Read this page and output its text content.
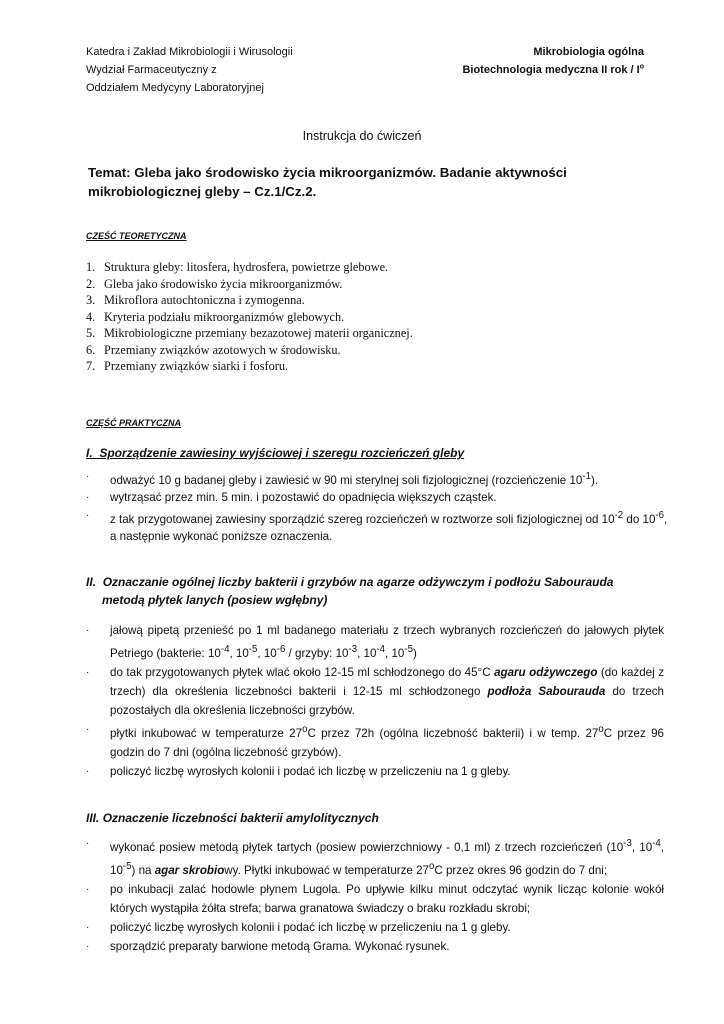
Katedra i Zakład Mikrobiologii i Wirusologii
Wydział Farmaceutyczny z
Oddziałem Medycyny Laboratoryjnej
Mikrobiologia ogólna
Biotechnologia medyczna II rok / $I^o$
Instrukcja do ćwiczeń
Temat: Gleba jako środowisko życia mikroorganizmów. Badanie aktywności mikrobiologicznej gleby – Cz.1/Cz.2.
CZEŚĆ TEORETYCZNA
1. Struktura gleby: litosfera, hydrosfera, powietrze glebowe.
2. Gleba jako środowisko życia mikroorganizmów.
3. Mikroflora autochtoniczna i zymogenna.
4. Kryteria podziału mikroorganizmów glebowych.
5. Mikrobiologiczne przemiany bezazotowej materii organicznej.
6. Przemiany związków azotowych w środowisku.
7. Przemiany związków siarki i fosforu.
CZĘŚĆ PRAKTYCZNA
I. Sporządzenie zawiesiny wyjściowej i szeregu rozcieńczeń gleby
· odważyć 10 g badanej gleby i zawiesić w 90 mi sterylnej soli fizjologicznej (rozcieńczenie $10^{-1}$).
· wytrząsać przez min. 5 min. i pozostawić do opadnięcia większych cząstek.
· z tak przygotowanej zawiesiny sporządzić szereg rozcieńczeń w roztworze soli fizjologicznej od $10^{-2}$ do $10^{-6}$, a następnie wykonać poniższe oznaczenia.
II. Oznaczanie ogólnej liczby bakterii i grzybów na agarze odżywczym i podłożu Sabourauda
metodą płytek lanych (posiew wgłębny)
· jałową pipetą przenieść po 1 ml badanego materiału z trzech wybranych rozcieńczeń do jałowych płytek Petriego (bakterie: $10^{-4}$, $10^{-5}$, $10^{-6}$ / grzyby: $10^{-3}$, $10^{-4}$, $10^{-5}$)
· do tak przygotowanych płytek wlać około 12-15 ml schłodzonego do 45°C agaru odżywczego (do każdej z trzech) dla określenia liczebności bakterii i 12-15 ml schłodzonego podłoża Sabourauda do trzech pozostałych dla określenia liczebności grzybów.
· płytki inkubować w temperaturze 27$^o$C przez 72h (ogólna liczebność bakterii) i w temp. 27$^o$C przez 96 godzin do 7 dni (ogólna liczebność grzybów).
· policzyć liczbę wyrosłych kolonii i podać ich liczbę w przeliczeniu na 1 g gleby.
III. Oznaczenie liczebności bakterii amylolitycznych
· wykonać posiew metodą płytek tartych (posiew powierzchniowy - 0,1 ml) z trzech rozcieńczeń ($10^{-3}$, $10^{-4}$, $10^{-5}$) na agar skrobiowy. Płytki inkubować w temperaturze 27$^o$C przez okres 96 godzin do 7 dni;
· po inkubacji zalać hodowle płynem Lugola. Po upływie kilku minut odczytać wynik licząc kolonie wokół których wystąpiła żółta strefa; barwa granatowa świadczy o braku rozkładu skrobi;
· policzyć liczbę wyrosłych kolonii i podać ich liczbę w przeliczeniu na 1 g gleby.
· sporządzić preparaty barwione metodą Grama. Wykonać rysunek.
